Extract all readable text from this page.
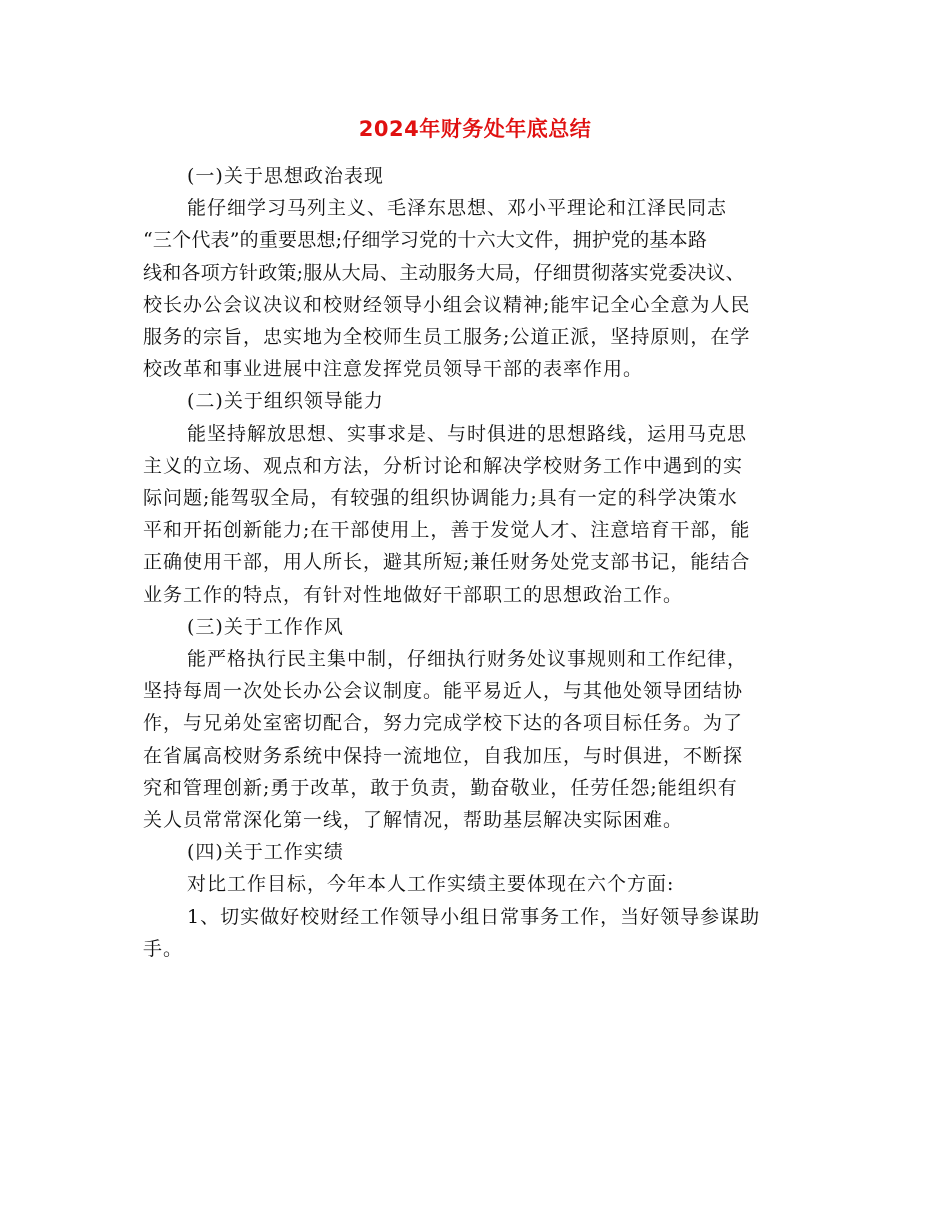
2024年财务处年底总结

(一)关于思想政治表现

能仔细学习马列主义、毛泽东思想、邓小平理论和江泽民同志

“三个代表”的重要思想;仔细学习党的十六大文件，拥护党的基本路

线和各项方针政策;服从大局、主动服务大局，仔细贯彻落实党委决议、

校长办公会议决议和校财经领导小组会议精神;能牢记全心全意为人民

服务的宗旨，忠实地为全校师生员工服务;公道正派，坚持原则，在学

校改革和事业进展中注意发挥党员领导干部的表率作用。

(二)关于组织领导能力

能坚持解放思想、实事求是、与时俱进的思想路线，运用马克思

主义的立场、观点和方法，分析讨论和解决学校财务工作中遇到的实

际问题;能驾驭全局，有较强的组织协调能力;具有一定的科学决策水

平和开拓创新能力;在干部使用上，善于发觉人才、注意培育干部，能

正确使用干部，用人所长，避其所短;兼任财务处党支部书记，能结合

业务工作的特点，有针对性地做好干部职工的思想政治工作。

(三)关于工作作风

能严格执行民主集中制，仔细执行财务处议事规则和工作纪律，

坚持每周一次处长办公会议制度。能平易近人，与其他处领导团结协

作，与兄弟处室密切配合，努力完成学校下达的各项目标任务。为了

在省属高校财务系统中保持一流地位，自我加压，与时俱进，不断探

究和管理创新;勇于改革，敢于负责，勤奋敬业，任劳任怨;能组织有

关人员常常深化第一线，了解情况，帮助基层解决实际困难。

(四)关于工作实绩

对比工作目标，今年本人工作实绩主要体现在六个方面:

1、切实做好校财经工作领导小组日常事务工作，当好领导参谋助

手。
